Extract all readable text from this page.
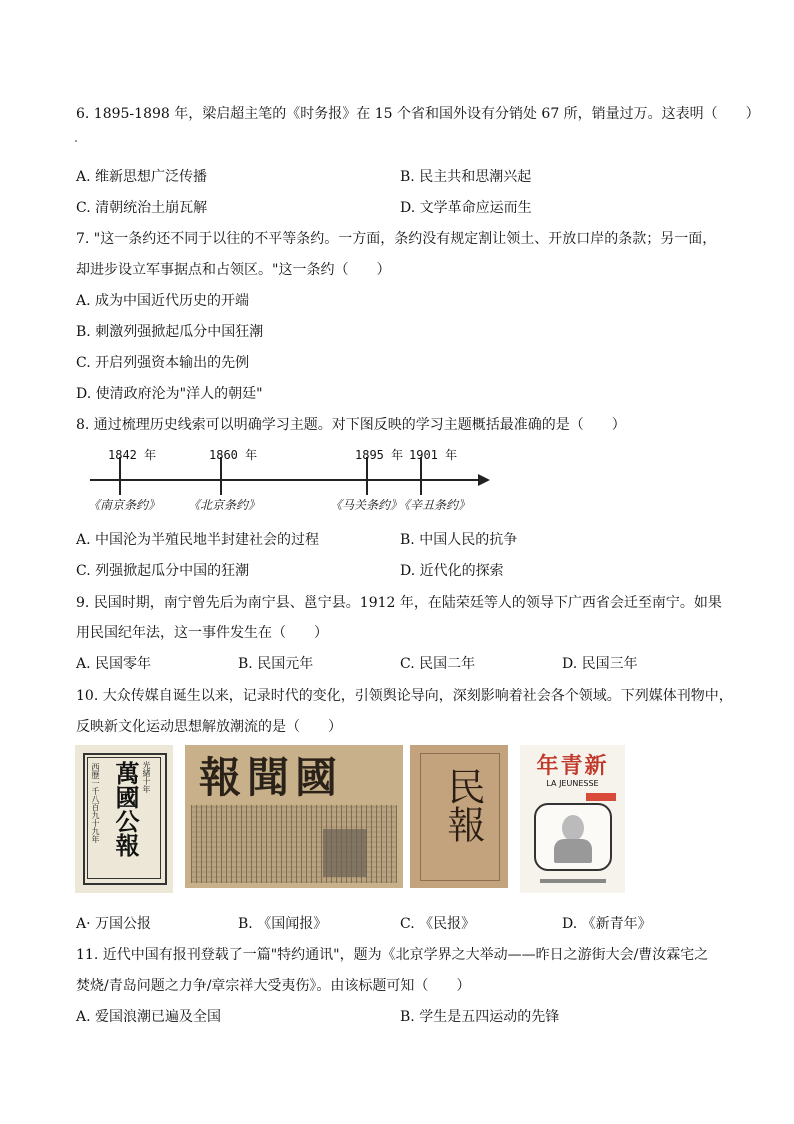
6. 1895-1898 年，梁启超主笔的《时务报》在 15 个省和国外设有分销处 67 所，销量过万。这表明（　　）
A. 维新思想广泛传播	B. 民主共和思潮兴起
C. 清朝统治土崩瓦解	D. 文学革命应运而生
7. "这一条约还不同于以往的不平等条约。一方面，条约没有规定割让领土、开放口岸的条款；另一面，
却进步设立军事据点和占领区。"这一条约（　　）
A. 成为中国近代历史的开端
B. 刺激列强掀起瓜分中国狂潮
C. 开启列强资本输出的先例
D. 使清政府沦为"洋人的朝廷"
8. 通过梳理历史线索可以明确学习主题。对下图反映的学习主题概括最准确的是（　　）
1842 年
《南京条约》
1860 年
《北京条约》
1895 年
《马关条约》
1901 年
《辛丑条约》
A. 中国沦为半殖民地半封建社会的过程	B. 中国人民的抗争
C. 列强掀起瓜分中国的狂潮	D. 近代化的探索
9. 民国时期，南宁曾先后为南宁县、邕宁县。1912 年，在陆荣廷等人的领导下广西省会迁至南宁。如果
用民国纪年法，这一事件发生在（　　）
A. 民国零年	B. 民国元年	C. 民国二年	D. 民国三年
10. 大众传媒自诞生以来，记录时代的变化，引领舆论导向，深刻影响着社会各个领域。下列媒体刊物中，
反映新文化运动思想解放潮流的是（　　）
萬國公報 光緒十年
西歷一千八百九十九年 報聞國	民報
年青新
LA JEUNESSE
A· 万国公报	B. 《国闻报》	C. 《民报》	D. 《新青年》
11. 近代中国有报刊登载了一篇"特约通讯"，题为《北京学界之大举动——昨日之游街大会/曹汝霖宅之
焚烧/青岛问题之力争/章宗祥大受夷伤》。由该标题可知（　　）
A. 爱国浪潮已遍及全国	B. 学生是五四运动的先锋
